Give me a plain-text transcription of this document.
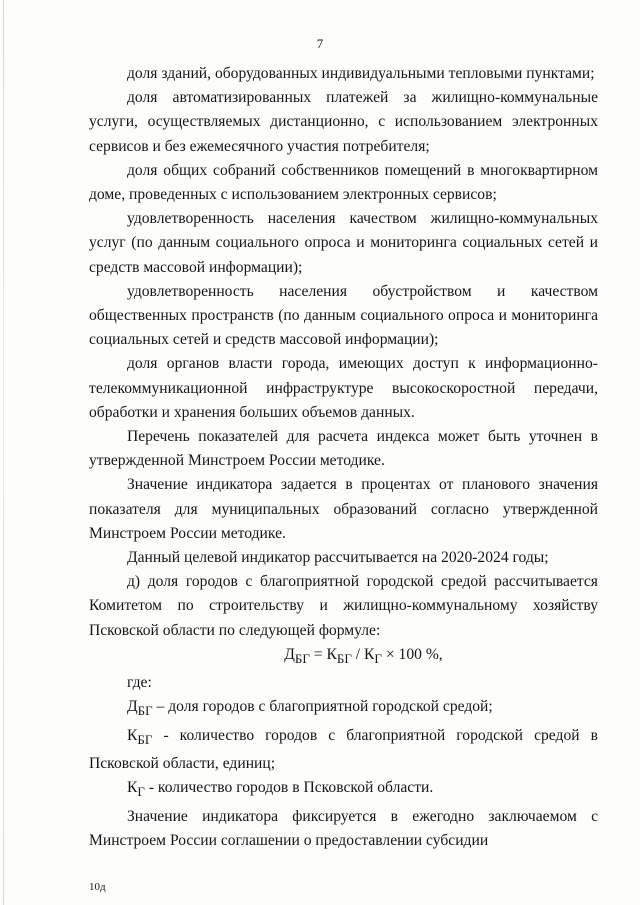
7

доля зданий, оборудованных индивидуальными тепловыми пунктами;

доля автоматизированных платежей за жилищно-коммунальные услуги, осуществляемых дистанционно, с использованием электронных сервисов и без ежемесячного участия потребителя;

доля общих собраний собственников помещений в многоквартирном доме, проведенных с использованием электронных сервисов;

удовлетворенность населения качеством жилищно-коммунальных услуг (по данным социального опроса и мониторинга социальных сетей и средств массовой информации);

удовлетворенность населения обустройством и качеством общественных пространств (по данным социального опроса и мониторинга социальных сетей и средств массовой информации);

доля органов власти города, имеющих доступ к информационно-телекоммуникационной инфраструктуре высокоскоростной передачи, обработки и хранения больших объемов данных.

Перечень показателей для расчета индекса может быть уточнен в утвержденной Минстроем России методике.

Значение индикатора задается в процентах от планового значения показателя для муниципальных образований согласно утвержденной Минстроем России методике.

Данный целевой индикатор рассчитывается на 2020-2024 годы;

д) доля городов с благоприятной городской средой рассчитывается Комитетом по строительству и жилищно-коммунальному хозяйству Псковской области по следующей формуле:

$Д_{БГ} = К_{БГ} / К_Г \times 100$ %,

где:

$Д_{БГ}$ – доля городов с благоприятной городской средой;

$К_{БГ}$ - количество городов с благоприятной городской средой в Псковской области, единиц;

$К_Г$ - количество городов в Псковской области.

Значение индикатора фиксируется в ежегодно заключаемом с Минстроем России соглашении о предоставлении субсидии

10д
